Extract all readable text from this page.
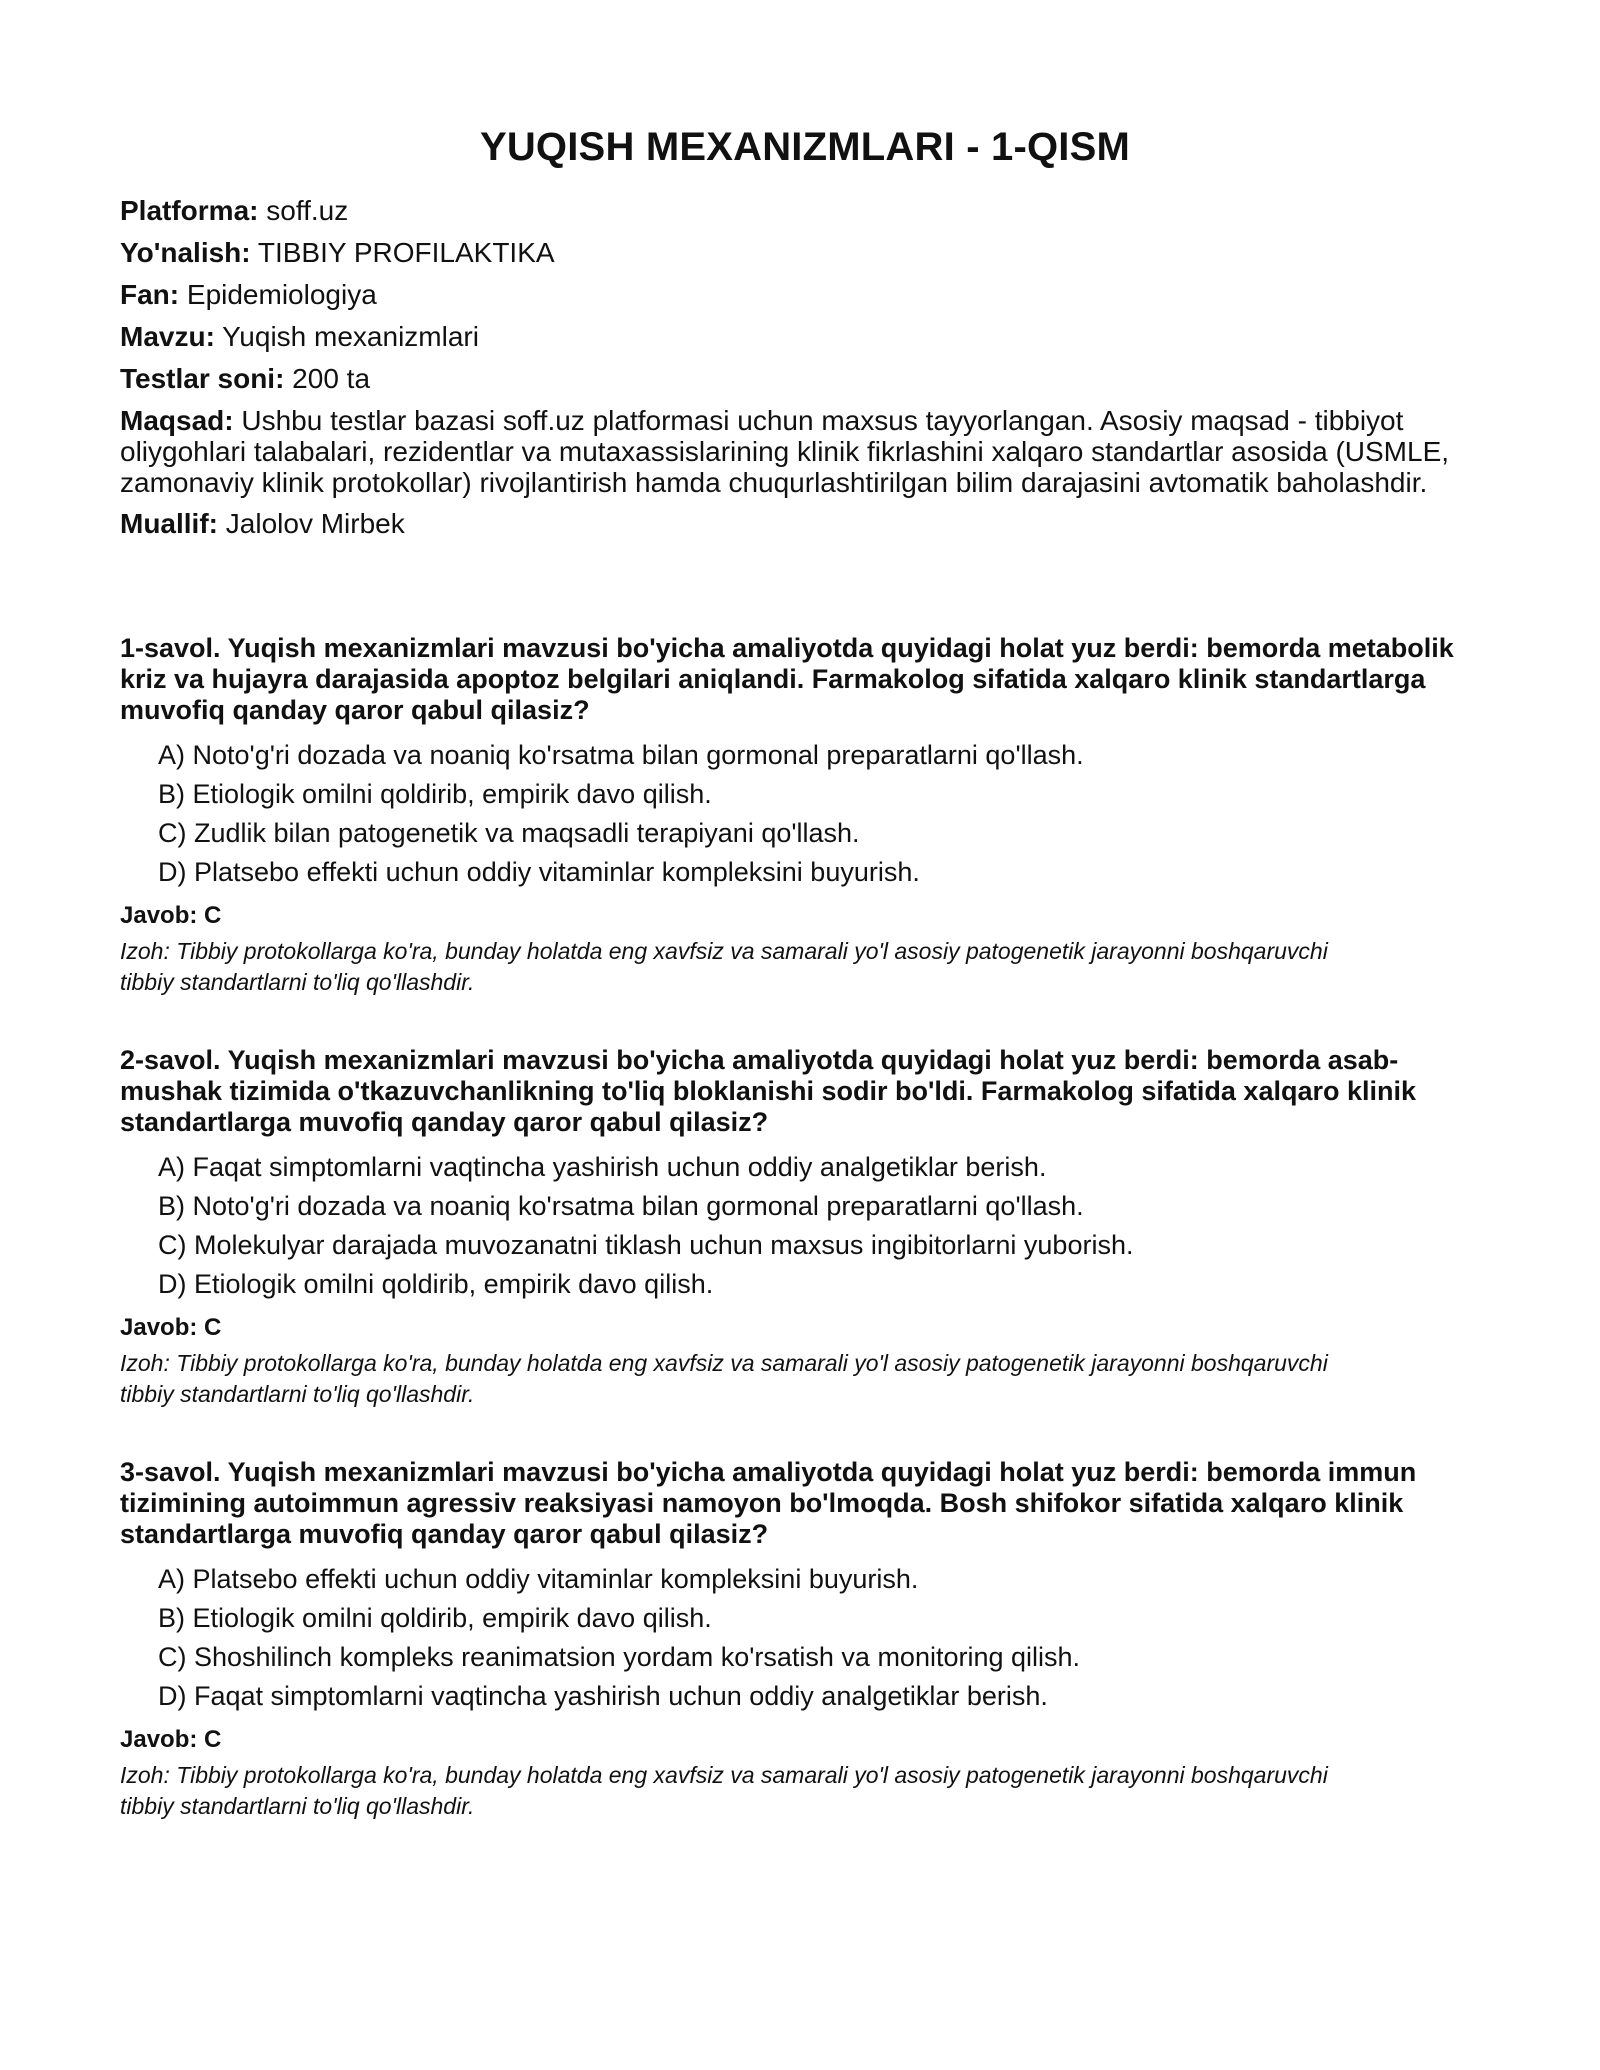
YUQISH MEXANIZMLARI - 1-QISM

Platforma: soff.uz

Yo'nalish: TIBBIY PROFILAKTIKA

Fan: Epidemiologiya

Mavzu: Yuqish mexanizmlari

Testlar soni: 200 ta

Maqsad: Ushbu testlar bazasi soff.uz platformasi uchun maxsus tayyorlangan. Asosiy maqsad - tibbiyot oliygohlari talabalari, rezidentlar va mutaxassislarining klinik fikrlashini xalqaro standartlar asosida (USMLE, zamonaviy klinik protokollar) rivojlantirish hamda chuqurlashtirilgan bilim darajasini avtomatik baholashdir.

Muallif: Jalolov Mirbek

1-savol. Yuqish mexanizmlari mavzusi bo'yicha amaliyotda quyidagi holat yuz berdi: bemorda metabolik kriz va hujayra darajasida apoptoz belgilari aniqlandi. Farmakolog sifatida xalqaro klinik standartlarga muvofiq qanday qaror qabul qilasiz?

A) Noto'g'ri dozada va noaniq ko'rsatma bilan gormonal preparatlarni qo'llash.
B) Etiologik omilni qoldirib, empirik davo qilish.
C) Zudlik bilan patogenetik va maqsadli terapiyani qo'llash.
D) Platsebo effekti uchun oddiy vitaminlar kompleksini buyurish.

Javob: C

Izoh: Tibbiy protokollarga ko'ra, bunday holatda eng xavfsiz va samarali yo'l asosiy patogenetik jarayonni boshqaruvchi tibbiy standartlarni to'liq qo'llashdir.

2-savol. Yuqish mexanizmlari mavzusi bo'yicha amaliyotda quyidagi holat yuz berdi: bemorda asab-mushak tizimida o'tkazuvchanlikning to'liq bloklanishi sodir bo'ldi. Farmakolog sifatida xalqaro klinik standartlarga muvofiq qanday qaror qabul qilasiz?

A) Faqat simptomlarni vaqtincha yashirish uchun oddiy analgetiklar berish.
B) Noto'g'ri dozada va noaniq ko'rsatma bilan gormonal preparatlarni qo'llash.
C) Molekulyar darajada muvozanatni tiklash uchun maxsus ingibitorlarni yuborish.
D) Etiologik omilni qoldirib, empirik davo qilish.

Javob: C

Izoh: Tibbiy protokollarga ko'ra, bunday holatda eng xavfsiz va samarali yo'l asosiy patogenetik jarayonni boshqaruvchi tibbiy standartlarni to'liq qo'llashdir.

3-savol. Yuqish mexanizmlari mavzusi bo'yicha amaliyotda quyidagi holat yuz berdi: bemorda immun tizimining autoimmun agressiv reaksiyasi namoyon bo'lmoqda. Bosh shifokor sifatida xalqaro klinik standartlarga muvofiq qanday qaror qabul qilasiz?

A) Platsebo effekti uchun oddiy vitaminlar kompleksini buyurish.
B) Etiologik omilni qoldirib, empirik davo qilish.
C) Shoshilinch kompleks reanimatsion yordam ko'rsatish va monitoring qilish.
D) Faqat simptomlarni vaqtincha yashirish uchun oddiy analgetiklar berish.

Javob: C

Izoh: Tibbiy protokollarga ko'ra, bunday holatda eng xavfsiz va samarali yo'l asosiy patogenetik jarayonni boshqaruvchi tibbiy standartlarni to'liq qo'llashdir.
